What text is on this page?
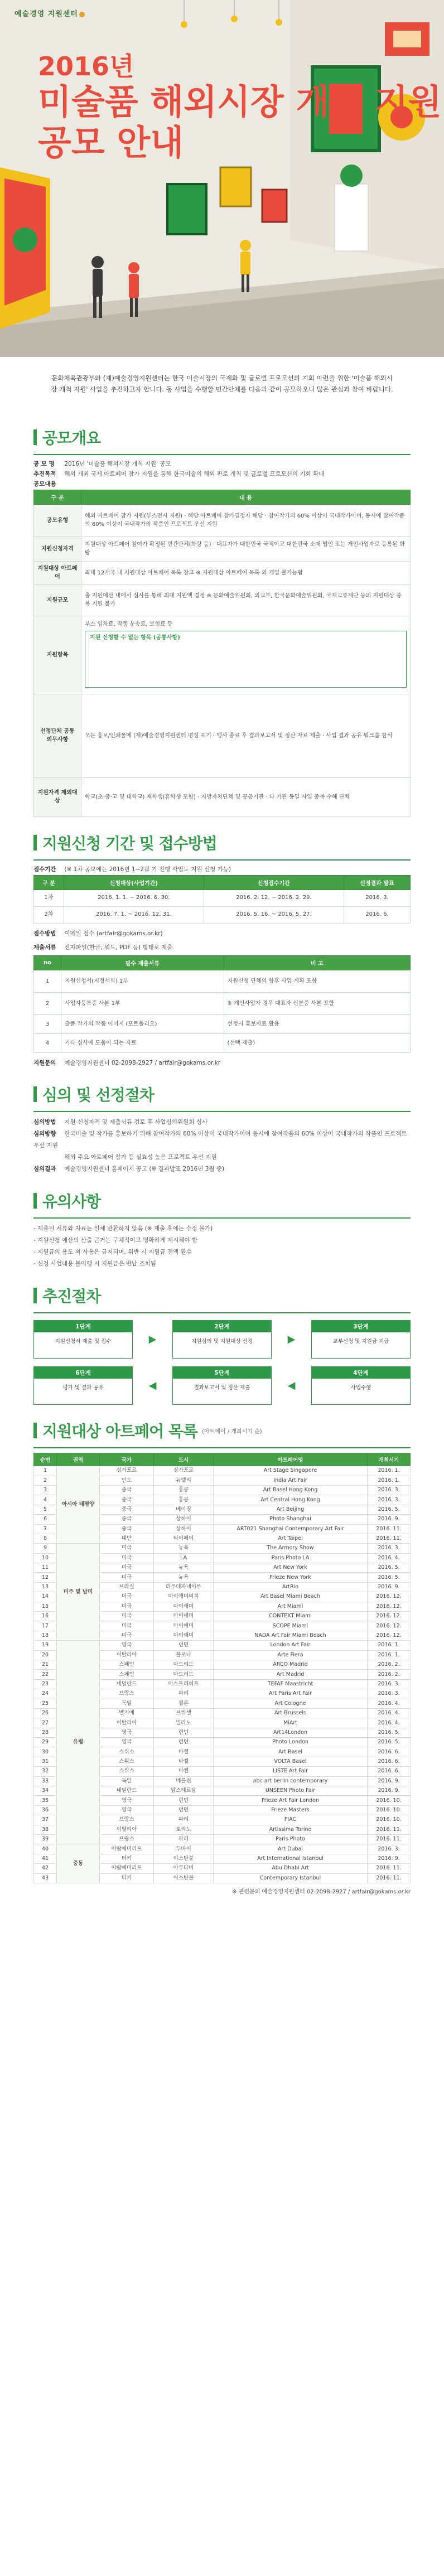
예술경영 지원센터
2016년
미술품 해외시장 개척 지원
공모 안내
문화체육관광부와 (재)예술경영지원센터는 한국 미술시장의 국제화 및 글로벌 프로모션의 기회 마련을 위한 '미술품 해외시장 개척 지원' 사업을 추진하고자 합니다. 동 사업을 수행할 민간단체를 다음과 같이 공모하오니 많은 관심과 참여 바랍니다.
공모개요
공 모 명 2016년 '미술품 해외시장 개척 지원' 공모
추진목적 해외 개최 국제 아트페어 참가 지원을 통해 한국미술의 해외 판로 개척 및 글로벌 프로모션의 기회 확대
공모내용
구 분	내 용
공모유형	해외 아트페어 참가 지원(부스전시 지원) · 해당 아트페어 참가결정자 해당 · 참여작가의 60% 이상이 국내작가이며, 동시에 참여작품의 60% 이상이 국내작가의 작품인 프로젝트 우선 지원
지원신청자격	지원대상 아트페어 참여가 확정된 민간단체(화랑 등) · 대표자가 대한민국 국적이고 대한민국 소재 법인 또는 개인사업자로 등록된 화랑
지원대상 아트페어	최대 12개국 내 지원대상 아트페어 목록 참고 ※ 지원대상 아트페어 목록 외 개별 불가능함
지원규모	총 지원예산 내에서 심사를 통해 최대 지원액 결정 ※ 문화예술위원회, 외교부, 한국문화예술위원회, 국제교류재단 등의 지원대상 중복 지원 불가
지원항목	부스 임차료, 작품 운송료, 보험료 등
지원 신청할 수 없는 항목 (공통사항)

선정단체 공통 의무사항	모든 홍보/인쇄물에 (재)예술경영지원센터 명칭 표기 · 행사 종료 후 결과보고서 및 정산 자료 제출 · 사업 결과 공유 워크숍 참석
지원자격 제외대상	학교(초·중·고 및 대학교) 재학생(휴학생 포함) · 지방자치단체 및 공공기관 · 타 기관 동일 사업 중복 수혜 단체
지원신청 기간 및 접수방법
접수기간 (※ 1차 공모에는 2016년 1~2월 기 진행 사업도 지원 신청 가능)
구 분	신청대상(사업기간)	신청접수기간	선정결과 발표
1차	2016. 1. 1. ~ 2016. 6. 30.	2016. 2. 12. ~ 2016. 2. 29.	2016. 3.
2차	2016. 7. 1. ~ 2016. 12. 31.	2016. 5. 16. ~ 2016. 5. 27.	2016. 6.
접수방법 이메일 접수 (artfair@gokams.or.kr)
제출서류 전자파일(한글, 워드, PDF 등) 형태로 제출
no	필수 제출서류	비 고
1	지원신청서(지정서식) 1부	지원신청 단체의 향후 사업 계획 포함
2	사업자등록증 사본 1부	※ 개인사업자 경우 대표자 신분증 사본 포함
3	출품 작가의 작품 이미지 (포트폴리오)	선정시 홍보자료 활용
4	기타 심사에 도움이 되는 자료	(선택 제출)
지원문의 예술경영지원센터 02-2098-2927 / artfair@gokams.or.kr
심의 및 선정절차
심의방법 지원 신청자격 및 제출서류 검토 후 사업심의위원회 심사
심의방향 한국미술 및 작가를 홍보하기 위해 참여작가의 60% 이상이 국내작가이며 동시에 참여작품의 60% 이상이 국내작가의 작품인 프로젝트 우선 지원
해외 주요 아트페어 참가 등 실효성 높은 프로젝트 우선 지원
심의결과 예술경영지원센터 홈페이지 공고 (※ 결과발표 2016년 3월 중)
유의사항
- 제출된 서류와 자료는 일체 반환하지 않음 (※ 제출 후에는 수정 불가)
- 지원신청 예산의 산출 근거는 구체적이고 명확하게 제시해야 함
- 지원금의 용도 외 사용은 금지되며, 위반 시 지원금 전액 환수
- 신청 사업내용 불이행 시 지원금은 반납 조치됨
추진절차
1단계
지원신청서 제출 및 접수	▶
2단계
지원심의 및 지원대상 선정	▶
3단계
교부신청 및 지원금 지급
6단계
평가 및 결과 공유	◀
5단계
결과보고서 및 정산 제출	◀
4단계
사업수행
지원대상 아트페어 목록 (아트페어 / 개최시기 순)
순번	권역	국가	도시	아트페어명	개최시기
1	아시아 태평양	싱가포르	싱가포르	Art Stage Singapore	2016. 1.
2		인도	뉴델리	India Art Fair	2016. 1.
3		중국	홍콩	Art Basel Hong Kong	2016. 3.
4		중국	홍콩	Art Central Hong Kong	2016. 3.
5		중국	베이징	Art Beijing	2016. 5.
6		중국	상하이	Photo Shanghai	2016. 9.
7		중국	상하이	ART021 Shanghai Contemporary Art Fair	2016. 11.
8		대만	타이페이	Art Taipei	2016. 11.
9	미주 및 남미	미국	뉴욕	The Armory Show	2016. 3.
10		미국	LA	Paris Photo LA	2016. 4.
11		미국	뉴욕	Art New York	2016. 5.
12		미국	뉴욕	Frieze New York	2016. 5.
13		브라질	리우데자네이루	ArtRio	2016. 9.
14		미국	마이애미비치	Art Basel Miami Beach	2016. 12.
15		미국	마이애미	Art Miami	2016. 12.
16		미국	마이애미	CONTEXT Miami	2016. 12.
17		미국	마이애미	SCOPE Miami	2016. 12.
18		미국	마이애미	NADA Art Fair Miami Beach	2016. 12.
19	유럽	영국	런던	London Art Fair	2016. 1.
20		이탈리아	볼로냐	Arte Fiera	2016. 1.
21		스페인	마드리드	ARCO Madrid	2016. 2.
22		스페인	마드리드	Art Madrid	2016. 2.
23		네덜란드	마스트리히트	TEFAF Maastricht	2016. 3.
24		프랑스	파리	Art Paris Art Fair	2016. 3.
25		독일	쾰른	Art Cologne	2016. 4.
26		벨기에	브뤼셀	Art Brussels	2016. 4.
27		이탈리아	밀라노	MiArt	2016. 4.
28		영국	런던	Art14London	2016. 5.
29		영국	런던	Photo London	2016. 5.
30		스위스	바젤	Art Basel	2016. 6.
31		스위스	바젤	VOLTA Basel	2016. 6.
32		스위스	바젤	LISTE Art Fair	2016. 6.
33		독일	베를린	abc art berlin contemporary	2016. 9.
34		네덜란드	암스테르담	UNSEEN Photo Fair	2016. 9.
35		영국	런던	Frieze Art Fair London	2016. 10.
36		영국	런던	Frieze Masters	2016. 10.
37		프랑스	파리	FIAC	2016. 10.
38		이탈리아	토리노	Artissima Torino	2016. 11.
39		프랑스	파리	Paris Photo	2016. 11.
40	중동	아랍에미리트	두바이	Art Dubai	2016. 3.
41		터키	이스탄불	Art International Istanbul	2016. 9.
42		아랍에미리트	아부다비	Abu Dhabi Art	2016. 11.
43		터키	이스탄불	Contemporary Istanbul	2016. 11.
※ 관련문의 예술경영지원센터 02-2098-2927 / artfair@gokams.or.kr
